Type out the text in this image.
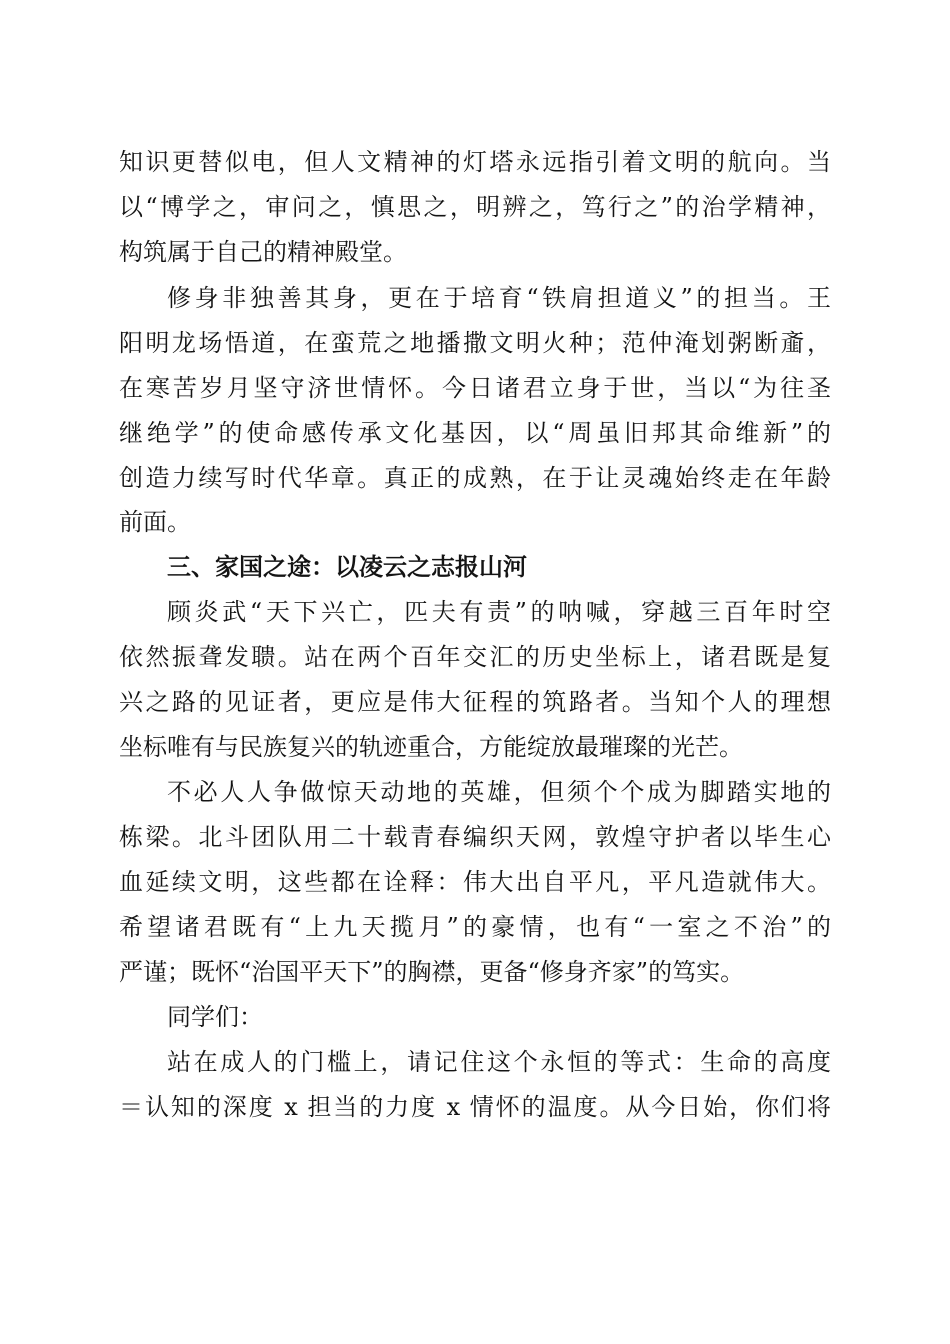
知识更替似电，但人文精神的灯塔永远指引着文明的航向。当
以“博学之，审问之，慎思之，明辨之，笃行之”的治学精神，
构筑属于自己的精神殿堂。
修身非独善其身，更在于培育“铁肩担道义”的担当。王
阳明龙场悟道，在蛮荒之地播撒文明火种；范仲淹划粥断齑，
在寒苦岁月坚守济世情怀。今日诸君立身于世，当以“为往圣
继绝学”的使命感传承文化基因，以“周虽旧邦其命维新”的
创造力续写时代华章。真正的成熟，在于让灵魂始终走在年龄
前面。
三、家国之途：以凌云之志报山河
顾炎武“天下兴亡，匹夫有责”的呐喊，穿越三百年时空
依然振聋发聩。站在两个百年交汇的历史坐标上，诸君既是复
兴之路的见证者，更应是伟大征程的筑路者。当知个人的理想
坐标唯有与民族复兴的轨迹重合，方能绽放最璀璨的光芒。
不必人人争做惊天动地的英雄，但须个个成为脚踏实地的
栋梁。北斗团队用二十载青春编织天网，敦煌守护者以毕生心
血延续文明，这些都在诠释：伟大出自平凡，平凡造就伟大。
希望诸君既有“上九天揽月”的豪情，也有“一室之不治”的
严谨；既怀“治国平天下”的胸襟，更备“修身齐家”的笃实。
同学们：
站在成人的门槛上，请记住这个永恒的等式：生命的高度
＝认知的深度 x 担当的力度 x 情怀的温度。从今日始，你们将
